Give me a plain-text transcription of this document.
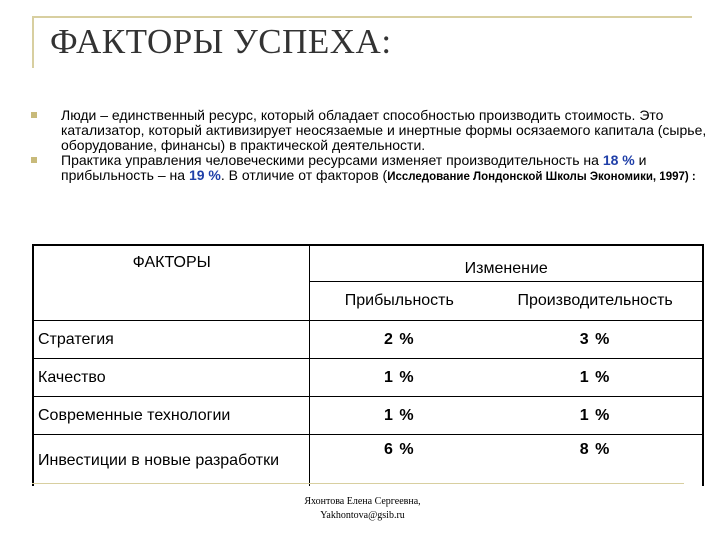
ФАКТОРЫ УСПЕХА:
Люди – единственный ресурс, который обладает способностью производить стоимость. Это катализатор, который активизирует неосязаемые и инертные формы осязаемого капитала (сырье, оборудование, финансы) в практической деятельности.
Практика управления человеческими ресурсами изменяет производительность на 18 % и прибыльность – на 19 %. В отличие от факторов (Исследование Лондонской Школы Экономики, 1997) :
ФАКТОРЫ	Изменение	
	Прибыльность	Производительность
Стратегия	2 %	3 %
Качество	1 %	1 %
Современные технологии	1 %	1 %
Инвестиции в новые разработки	6 %	8 %
Яхонтова Елена Сергеевна,
Yakhontova@gsib.ru
